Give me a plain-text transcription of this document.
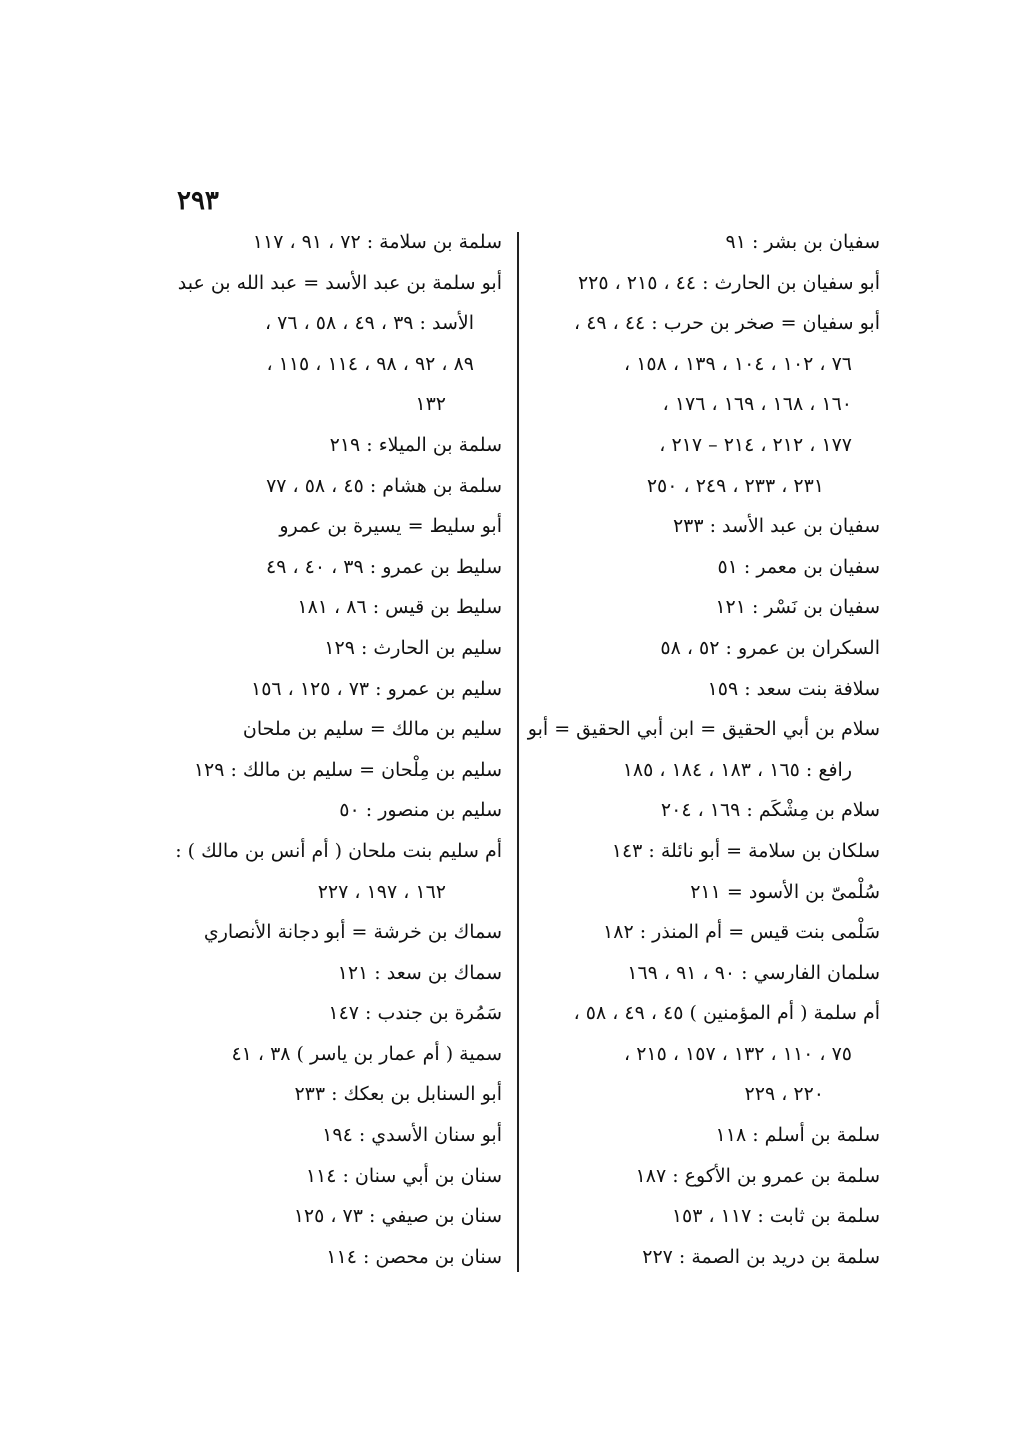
٢٩٣
سفيان بن بشر : ٩١
أبو سفيان بن الحارث : ٤٤ ، ٢١٥ ، ٢٢٥
أبو سفيان = صخر بن حرب : ٤٤ ، ٤٩ ،
٧٦ ، ١٠٢ ، ١٠٤ ، ١٣٩ ، ١٥٨ ،
١٦٠ ، ١٦٨ ، ١٦٩ ، ١٧٦ ،
١٧٧ ، ٢١٢ ، ٢١٤ – ٢١٧ ،
٢٣١ ، ٢٣٣ ، ٢٤٩ ، ٢٥٠
سفيان بن عبد الأسد : ٢٣٣
سفيان بن معمر : ٥١
سفيان بن نَسْر : ١٢١
السكران بن عمرو : ٥٢ ، ٥٨
سلافة بنت سعد : ١٥٩
سلام بن أبي الحقيق = ابن أبي الحقيق = أبو
رافع : ١٦٥ ، ١٨٣ ، ١٨٤ ، ١٨٥
سلام بن مِشْكَم : ١٦٩ ، ٢٠٤
سلكان بن سلامة = أبو نائلة : ١٤٣
سُلْمىّ بن الأسود = ٢١١
سَلْمى بنت قيس = أم المنذر : ١٨٢
سلمان الفارسي : ٩٠ ، ٩١ ، ١٦٩
أم سلمة ( أم المؤمنين ) ٤٥ ، ٤٩ ، ٥٨ ،
٧٥ ، ١١٠ ، ١٣٢ ، ١٥٧ ، ٢١٥ ،
٢٢٠ ، ٢٢٩
سلمة بن أسلم : ١١٨
سلمة بن عمرو بن الأكوع : ١٨٧
سلمة بن ثابت : ١١٧ ، ١٥٣
سلمة بن دريد بن الصمة : ٢٢٧
سلمة بن سلامة : ٧٢ ، ٩١ ، ١١٧
أبو سلمة بن عبد الأسد = عبد الله بن عبد
الأسد : ٣٩ ، ٤٩ ، ٥٨ ، ٧٦ ،
٨٩ ، ٩٢ ، ٩٨ ، ١١٤ ، ١١٥ ،
١٣٢
سلمة بن الميلاء : ٢١٩
سلمة بن هشام : ٤٥ ، ٥٨ ، ٧٧
أبو سليط = يسيرة بن عمرو
سليط بن عمرو : ٣٩ ، ٤٠ ، ٤٩
سليط بن قيس : ٨٦ ، ١٨١
سليم بن الحارث : ١٢٩
سليم بن عمرو : ٧٣ ، ١٢٥ ، ١٥٦
سليم بن مالك = سليم بن ملحان
سليم بن مِلْحان = سليم بن مالك : ١٢٩
سليم بن منصور : ٥٠
أم سليم بنت ملحان ( أم أنس بن مالك ) :
١٦٢ ، ١٩٧ ، ٢٢٧
سماك بن خرشة = أبو دجانة الأنصاري
سماك بن سعد : ١٢١
سَمُرة بن جندب : ١٤٧
سمية ( أم عمار بن ياسر ) ٣٨ ، ٤١
أبو السنابل بن بعكك : ٢٣٣
أبو سنان الأسدي : ١٩٤
سنان بن أبي سنان : ١١٤
سنان بن صيفي : ٧٣ ، ١٢٥
سنان بن محصن : ١١٤
